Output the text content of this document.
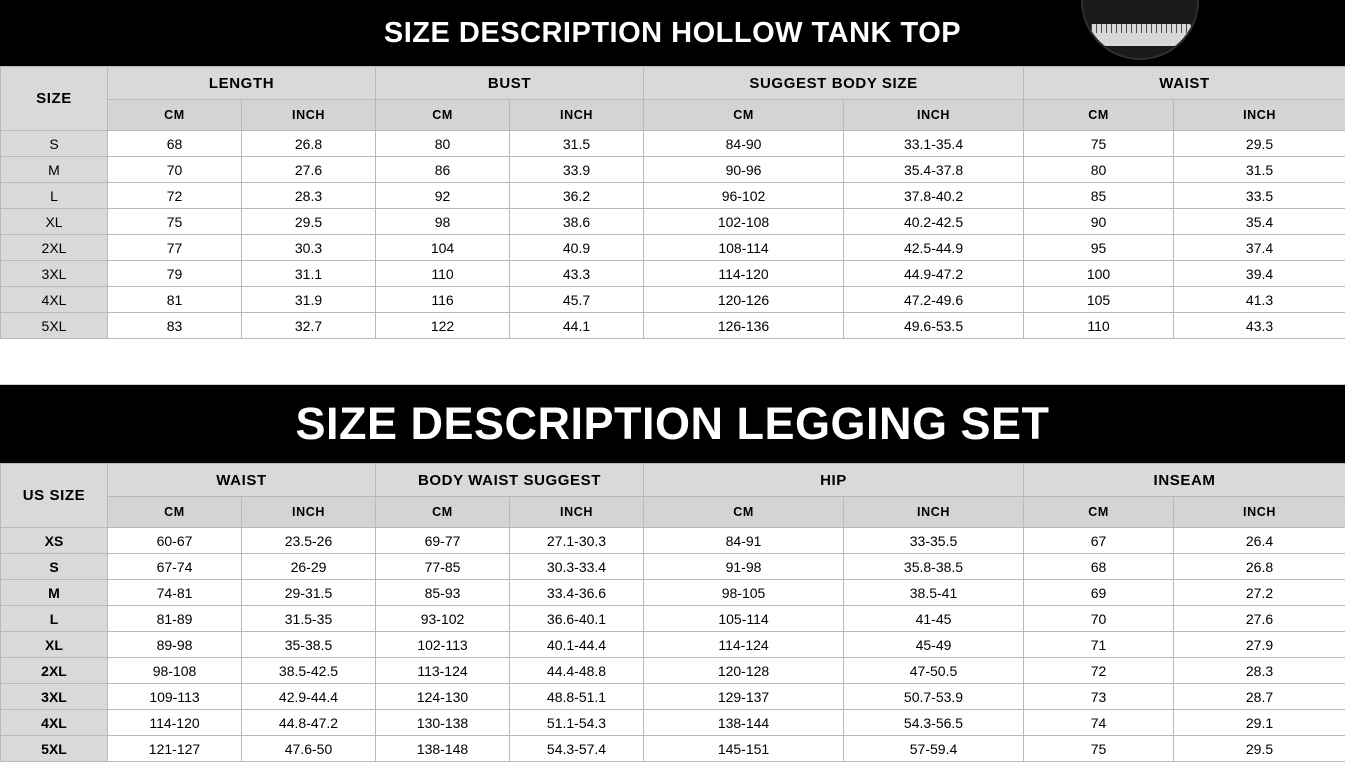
SIZE DESCRIPTION HOLLOW TANK TOP
SIZE	LENGTH		BUST		SUGGEST BODY SIZE		WAIST	
	CM	INCH	CM	INCH	CM	INCH	CM	INCH
S	68	26.8	80	31.5	84-90	33.1-35.4	75	29.5
M	70	27.6	86	33.9	90-96	35.4-37.8	80	31.5
L	72	28.3	92	36.2	96-102	37.8-40.2	85	33.5
XL	75	29.5	98	38.6	102-108	40.2-42.5	90	35.4
2XL	77	30.3	104	40.9	108-114	42.5-44.9	95	37.4
3XL	79	31.1	110	43.3	114-120	44.9-47.2	100	39.4
4XL	81	31.9	116	45.7	120-126	47.2-49.6	105	41.3
5XL	83	32.7	122	44.1	126-136	49.6-53.5	110	43.3
SIZE DESCRIPTION LEGGING SET
US SIZE	WAIST		BODY WAIST SUGGEST		HIP		INSEAM	
	CM	INCH	CM	INCH	CM	INCH	CM	INCH
XS	60-67	23.5-26	69-77	27.1-30.3	84-91	33-35.5	67	26.4
S	67-74	26-29	77-85	30.3-33.4	91-98	35.8-38.5	68	26.8
M	74-81	29-31.5	85-93	33.4-36.6	98-105	38.5-41	69	27.2
L	81-89	31.5-35	93-102	36.6-40.1	105-114	41-45	70	27.6
XL	89-98	35-38.5	102-113	40.1-44.4	114-124	45-49	71	27.9
2XL	98-108	38.5-42.5	113-124	44.4-48.8	120-128	47-50.5	72	28.3
3XL	109-113	42.9-44.4	124-130	48.8-51.1	129-137	50.7-53.9	73	28.7
4XL	114-120	44.8-47.2	130-138	51.1-54.3	138-144	54.3-56.5	74	29.1
5XL	121-127	47.6-50	138-148	54.3-57.4	145-151	57-59.4	75	29.5
